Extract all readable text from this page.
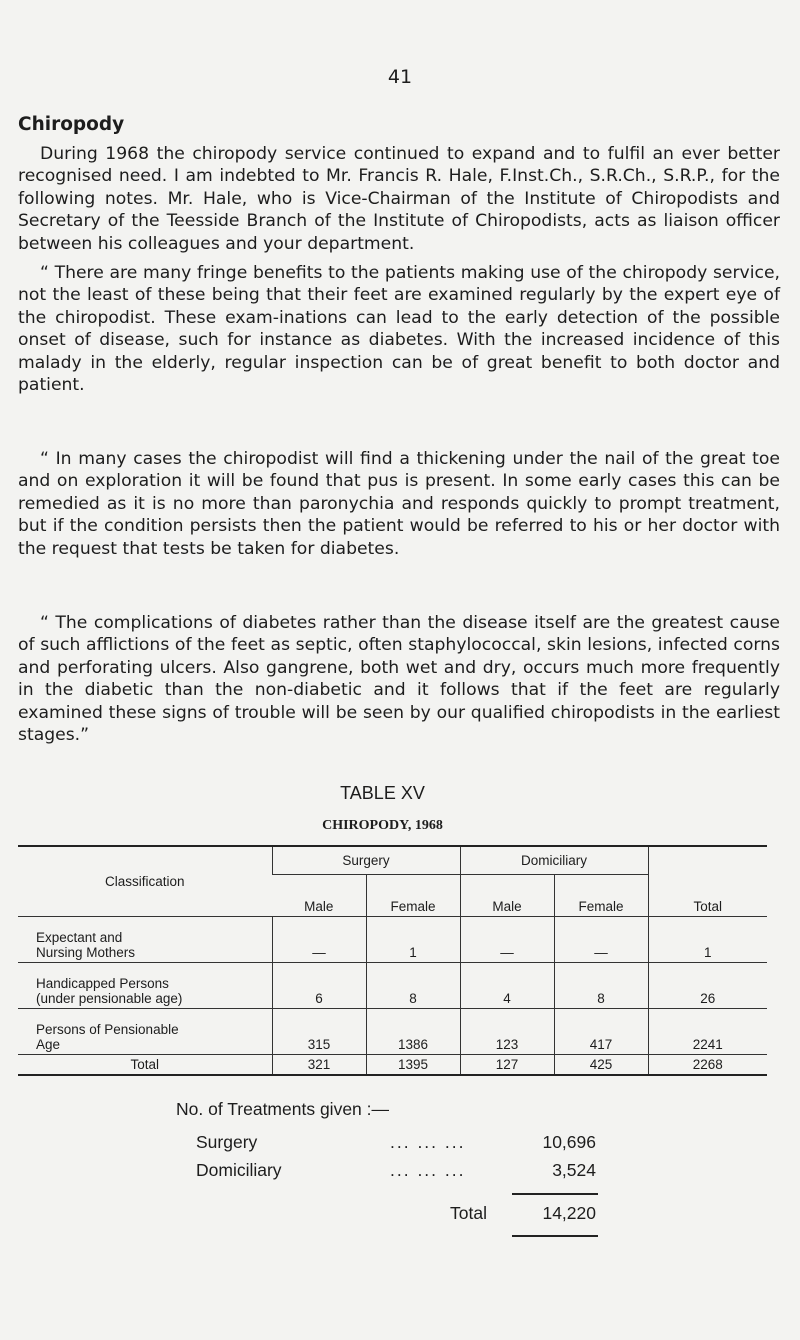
41
Chiropody

During 1968 the chiropody service continued to expand and to fulfil an ever better recognised need. I am indebted to Mr. Francis R. Hale, F.Inst.Ch., S.R.Ch., S.R.P., for the following notes. Mr. Hale, who is Vice-Chairman of the Institute of Chiropodists and Secretary of the Teesside Branch of the Institute of Chiropodists, acts as liaison officer between his colleagues and your department.

“ There are many fringe benefits to the patients making use of the chiropody service, not the least of these being that their feet are examined regularly by the expert eye of the chiropodist. These exam-inations can lead to the early detection of the possible onset of disease, such for instance as diabetes. With the increased incidence of this malady in the elderly, regular inspection can be of great benefit to both doctor and patient.

“ In many cases the chiropodist will find a thickening under the nail of the great toe and on exploration it will be found that pus is present. In some early cases this can be remedied as it is no more than paronychia and responds quickly to prompt treatment, but if the condition persists then the patient would be referred to his or her doctor with the request that tests be taken for diabetes.

“ The complications of diabetes rather than the disease itself are the greatest cause of such afflictions of the feet as septic, often staphylococcal, skin lesions, infected corns and perforating ulcers. Also gangrene, both wet and dry, occurs much more frequently in the diabetic than the non-diabetic and it follows that if the feet are regularly examined these signs of trouble will be seen by our qualified chiropodists in the earliest stages.”

TABLE XV
CHIROPODY, 1968
Classification	Surgery		Domiciliary		Total
	Male	Female	Male	Female	
Expectant and
Nursing Mothers	—	1	—	—	1
Handicapped Persons
(under pensionable age)	6	8	4	8	26
Persons of Pensionable
Age	315	1386	123	417	2241
Total	321	1395	127	425	2268
No. of Treatments given :—
Surgery	... ... ...	10,696
Domiciliary	... ... ...	3,524
Total	14,220
